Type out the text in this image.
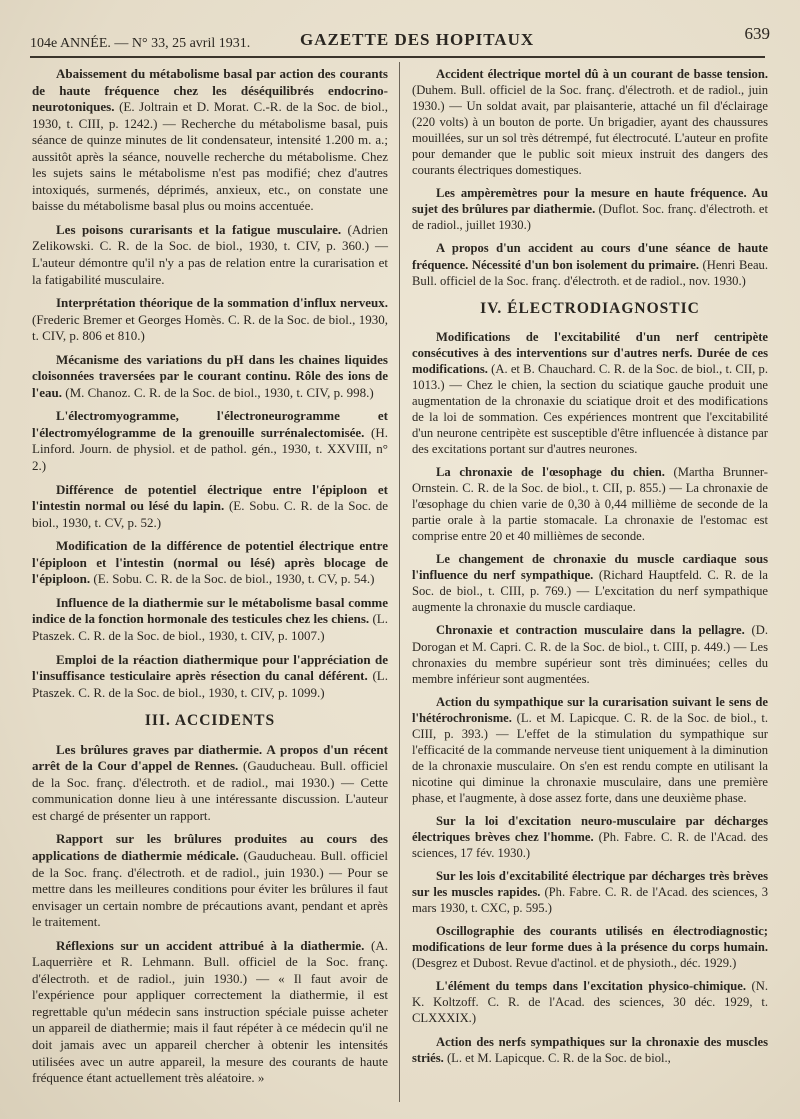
104e ANNÉE. — N° 33, 25 avril 1931.	GAZETTE DES HOPITAUX	639

Abaissement du métabolisme basal par action des courants de haute fréquence chez les déséquilibrés endocrino-neurotoniques. (E. Joltrain et D. Morat. C.-R. de la Soc. de biol., 1930, t. CIII, p. 1242.) — Recherche du métabolisme basal, puis séance de quinze minutes de lit condensateur, intensité 1.200 m. a.; aussitôt après la séance, nouvelle recherche du métabolisme. Chez les sujets sains le métabolisme n'est pas modifié; chez d'autres intoxiqués, surmenés, déprimés, anxieux, etc., on constate une baisse du métabolisme basal plus ou moins accentuée.

Les poisons curarisants et la fatigue musculaire. (Adrien Zelikowski. C. R. de la Soc. de biol., 1930, t. CIV, p. 360.) — L'auteur démontre qu'il n'y a pas de relation entre la curarisation et la fatigabilité musculaire.

Interprétation théorique de la sommation d'influx nerveux. (Frederic Bremer et Georges Homès. C. R. de la Soc. de biol., 1930, t. CIV, p. 806 et 810.)

Mécanisme des variations du pH dans les chaines liquides cloisonnées traversées par le courant continu. Rôle des ions de l'eau. (M. Chanoz. C. R. de la Soc. de biol., 1930, t. CIV, p. 998.)

L'électromyogramme, l'électroneurogramme et l'électromyélogramme de la grenouille surrénalectomisée. (H. Linford. Journ. de physiol. et de pathol. gén., 1930, t. XXVIII, n° 2.)

Différence de potentiel électrique entre l'épiploon et l'intestin normal ou lésé du lapin. (E. Sobu. C. R. de la Soc. de biol., 1930, t. CV, p. 52.)

Modification de la différence de potentiel électrique entre l'épiploon et l'intestin (normal ou lésé) après blocage de l'épiploon. (E. Sobu. C. R. de la Soc. de biol., 1930, t. CV, p. 54.)

Influence de la diathermie sur le métabolisme basal comme indice de la fonction hormonale des testicules chez les chiens. (L. Ptaszek. C. R. de la Soc. de biol., 1930, t. CIV, p. 1007.)

Emploi de la réaction diathermique pour l'appréciation de l'insuffisance testiculaire après résection du canal déférent. (L. Ptaszek. C. R. de la Soc. de biol., 1930, t. CIV, p. 1099.)

III. ACCIDENTS

Les brûlures graves par diathermie. A propos d'un récent arrêt de la Cour d'appel de Rennes. (Gauducheau. Bull. officiel de la Soc. franç. d'électroth. et de radiol., mai 1930.) — Cette communication donne lieu à une intéressante discussion. L'auteur est chargé de présenter un rapport.

Rapport sur les brûlures produites au cours des applications de diathermie médicale. (Gauducheau. Bull. officiel de la Soc. franç. d'électroth. et de radiol., juin 1930.) — Pour se mettre dans les meilleures conditions pour éviter les brûlures il faut envisager un certain nombre de précautions avant, pendant et après le traitement.

Réflexions sur un accident attribué à la diathermie. (A. Laquerrière et R. Lehmann. Bull. officiel de la Soc. franç. d'électroth. et de radiol., juin 1930.) — « Il faut avoir de l'expérience pour appliquer correctement la diathermie, il est regrettable qu'un médecin sans instruction spéciale puisse acheter un appareil de diathermie; mais il faut répéter à ce médecin qu'il ne doit jamais avec un appareil chercher à obtenir les intensités utilisées avec un autre appareil, la mesure des courants de haute fréquence étant actuellement très aléatoire. »

Accident électrique mortel dû à un courant de basse tension. (Duhem. Bull. officiel de la Soc. franç. d'électroth. et de radiol., juin 1930.) — Un soldat avait, par plaisanterie, attaché un fil d'éclairage (220 volts) à un bouton de porte. Un brigadier, ayant des chaussures mouillées, sur un sol très détrempé, fut électrocuté. L'auteur en profite pour demander que le public soit mieux instruit des dangers des courants électriques domestiques.

Les ampèremètres pour la mesure en haute fréquence. Au sujet des brûlures par diathermie. (Duflot. Soc. franç. d'électroth. et de radiol., juillet 1930.)

A propos d'un accident au cours d'une séance de haute fréquence. Nécessité d'un bon isolement du primaire. (Henri Beau. Bull. officiel de la Soc. franç. d'électroth. et de radiol., nov. 1930.)

IV. ÉLECTRODIAGNOSTIC

Modifications de l'excitabilité d'un nerf centripète consécutives à des interventions sur d'autres nerfs. Durée de ces modifications. (A. et B. Chauchard. C. R. de la Soc. de biol., t. CII, p. 1013.) — Chez le chien, la section du sciatique gauche produit une augmentation de la chronaxie du sciatique droit et des modifications de la loi de sommation. Ces expériences montrent que l'excitabilité d'un neurone centripète est susceptible d'être influencée à distance par des excitations portant sur d'autres neurones.

La chronaxie de l'œsophage du chien. (Martha Brunner-Ornstein. C. R. de la Soc. de biol., t. CII, p. 855.) — La chronaxie de l'œsophage du chien varie de 0,30 à 0,44 millième de seconde de la partie orale à la partie stomacale. La chronaxie de l'estomac est comprise entre 20 et 40 millièmes de seconde.

Le changement de chronaxie du muscle cardiaque sous l'influence du nerf sympathique. (Richard Hauptfeld. C. R. de la Soc. de biol., t. CIII, p. 769.) — L'excitation du nerf sympathique augmente la chronaxie du muscle cardiaque.

Chronaxie et contraction musculaire dans la pellagre. (D. Dorogan et M. Capri. C. R. de la Soc. de biol., t. CIII, p. 449.) — Les chronaxies du membre supérieur sont très diminuées; celles du membre inférieur sont augmentées.

Action du sympathique sur la curarisation suivant le sens de l'hétérochronisme. (L. et M. Lapicque. C. R. de la Soc. de biol., t. CIII, p. 393.) — L'effet de la stimulation du sympathique sur l'efficacité de la commande nerveuse tient uniquement à la diminution de la chronaxie musculaire. On s'en est rendu compte en utilisant la nicotine qui diminue la chronaxie musculaire, dans une première phase, et l'augmente, à dose assez forte, dans une deuxième phase.

Sur la loi d'excitation neuro-musculaire par décharges électriques brèves chez l'homme. (Ph. Fabre. C. R. de l'Acad. des sciences, 17 fév. 1930.)

Sur les lois d'excitabilité électrique par décharges très brèves sur les muscles rapides. (Ph. Fabre. C. R. de l'Acad. des sciences, 3 mars 1930, t. CXC, p. 595.)

Oscillographie des courants utilisés en électrodiagnostic; modifications de leur forme dues à la présence du corps humain. (Desgrez et Dubost. Revue d'actinol. et de physioth., déc. 1929.)

L'élément du temps dans l'excitation physico-chimique. (N. K. Koltzoff. C. R. de l'Acad. des sciences, 30 déc. 1929, t. CLXXXIX.)

Action des nerfs sympathiques sur la chronaxie des muscles striés. (L. et M. Lapicque. C. R. de la Soc. de biol.,
